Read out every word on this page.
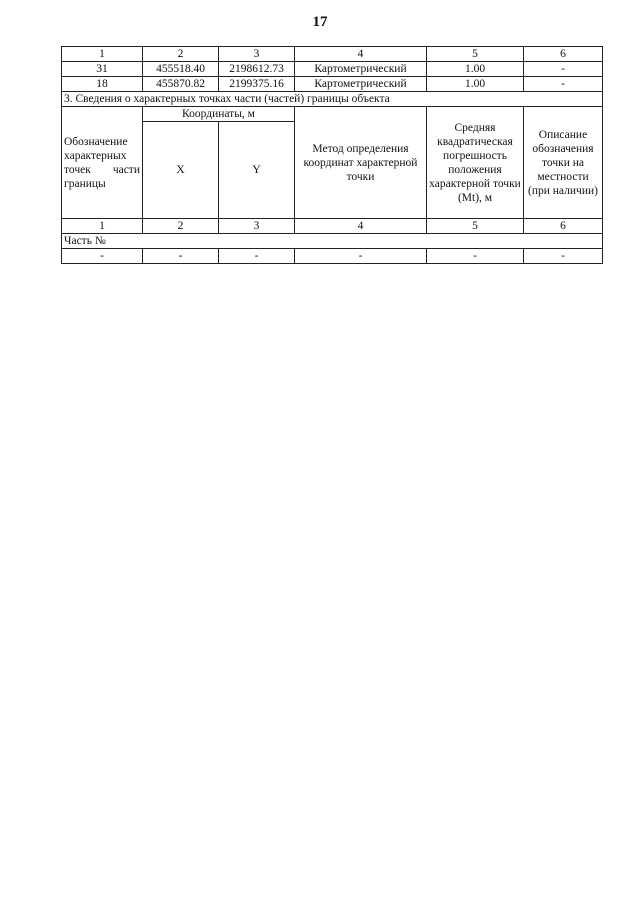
17
1	2	3	4	5	6
31	455518.40	2198612.73	Картометрический	1.00	-
18	455870.82	2199375.16	Картометрический	1.00	-
3. Сведения о характерных точках части (частей) границы объекта					
Обозначение характерных точек части границы	Координаты, м		Метод определения координат характерной точки	Средняя квадратическая погрешность положения характерной точки (Mt), м	Описание обозначения точки на местности (при наличии)
	X	Y			
1	2	3	4	5	6
Часть №					
-	-	-	-	-	-
